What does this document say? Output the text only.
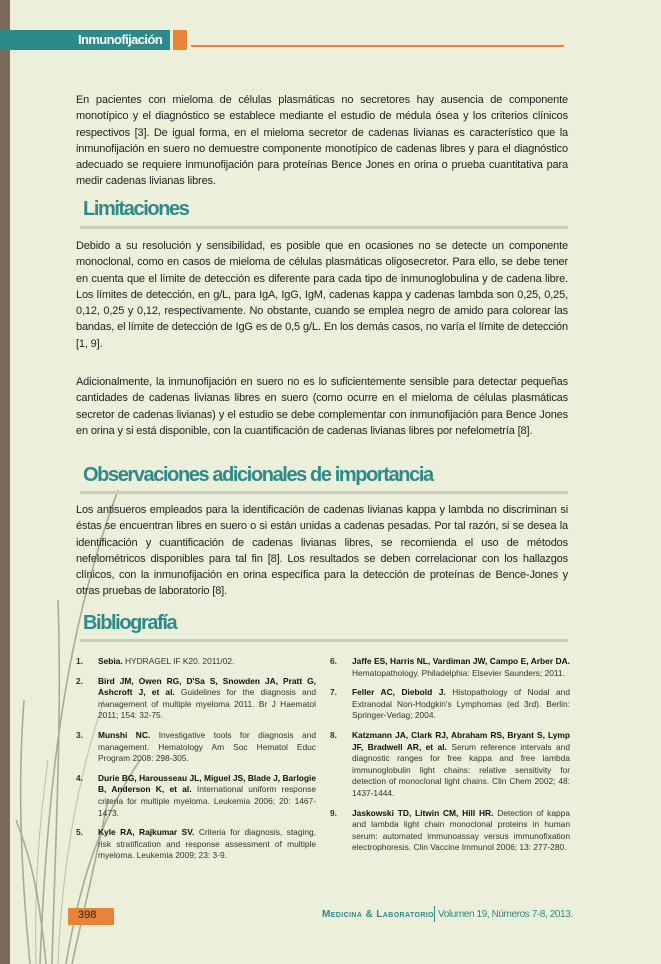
Inmunofijación

En pacientes con mieloma de células plasmáticas no secretores hay ausencia de componente monotípico y el diagnóstico se establece mediante el estudio de médula ósea y los criterios clínicos respectivos [3]. De igual forma, en el mieloma secretor de cadenas livianas es característico que la inmunofijación en suero no demuestre componente monotípico de cadenas libres y para el diagnóstico adecuado se requiere inmunofijación para proteínas Bence Jones en orina o prueba cuantitativa para medir cadenas livianas libres.

Limitaciones

Debido a su resolución y sensibilidad, es posible que en ocasiones no se detecte un componente monoclonal, como en casos de mieloma de células plasmáticas oligosecretor. Para ello, se debe tener en cuenta que el límite de detección es diferente para cada tipo de inmunoglobulina y de cadena libre. Los límites de detección, en g/L, para IgA, IgG, IgM, cadenas kappa y cadenas lambda son 0,25, 0,25, 0,12, 0,25 y 0,12, respectivamente. No obstante, cuando se emplea negro de amido para colorear las bandas, el límite de detección de IgG es de 0,5 g/L. En los demás casos, no varía el límite de detección [1, 9].

Adicionalmente, la inmunofijación en suero no es lo suficientemente sensible para detectar pequeñas cantidades de cadenas livianas libres en suero (como ocurre en el mieloma de células plasmáticas secretor de cadenas livianas) y el estudio se debe complementar con inmunofijación para Bence Jones en orina y si está disponible, con la cuantificación de cadenas livianas libres por nefelometría [8].

Observaciones adicionales de importancia

Los antisueros empleados para la identificación de cadenas livianas kappa y lambda no discriminan si éstas se encuentran libres en suero o si están unidas a cadenas pesadas. Por tal razón, si se desea la identificación y cuantificación de cadenas livianas libres, se recomienda el uso de métodos nefelométricos disponibles para tal fin [8]. Los resultados se deben correlacionar con los hallazgos clínicos, con la inmunofijación en orina específica para la detección de proteínas de Bence-Jones y otras pruebas de laboratorio [8].

Bibliografía

1. Sebia. HYDRAGEL IF K20. 2011/02.

2. Bird JM, Owen RG, D'Sa S, Snowden JA, Pratt G, Ashcroft J, et al. Guidelines for the diagnosis and management of multiple myeloma 2011. Br J Haematol 2011; 154: 32-75.

3. Munshi NC. Investigative tools for diagnosis and management. Hematology Am Soc Hematol Educ Program 2008: 298-305.

4. Durie BG, Harousseau JL, Miguel JS, Blade J, Barlogie B, Anderson K, et al. International uniform response criteria for multiple myeloma. Leukemia 2006; 20: 1467-1473.

5. Kyle RA, Rajkumar SV. Criteria for diagnosis, staging, risk stratification and response assessment of multiple myeloma. Leukemia 2009; 23: 3-9.

6. Jaffe ES, Harris NL, Vardiman JW, Campo E, Arber DA. Hematopathology. Philadelphia: Elsevier Saunders; 2011.

7. Feller AC, Diebold J. Histopathology of Nodal and Extranodal Non-Hodgkin's Lymphomas (ed 3rd). Berlin: Springer-Verlag; 2004.

8. Katzmann JA, Clark RJ, Abraham RS, Bryant S, Lymp JF, Bradwell AR, et al. Serum reference intervals and diagnostic ranges for free kappa and free lambda immunoglobulin light chains: relative sensitivity for detection of monoclonal light chains. Clin Chem 2002; 48: 1437-1444.

9. Jaskowski TD, Litwin CM, Hill HR. Detection of kappa and lambda light chain monoclonal proteins in human serum: automated immunoassay versus immunofixation electrophoresis. Clin Vaccine Immunol 2006; 13: 277-280.

398	Medicina & Laboratorio Volumen 19, Números 7-8, 2013.
